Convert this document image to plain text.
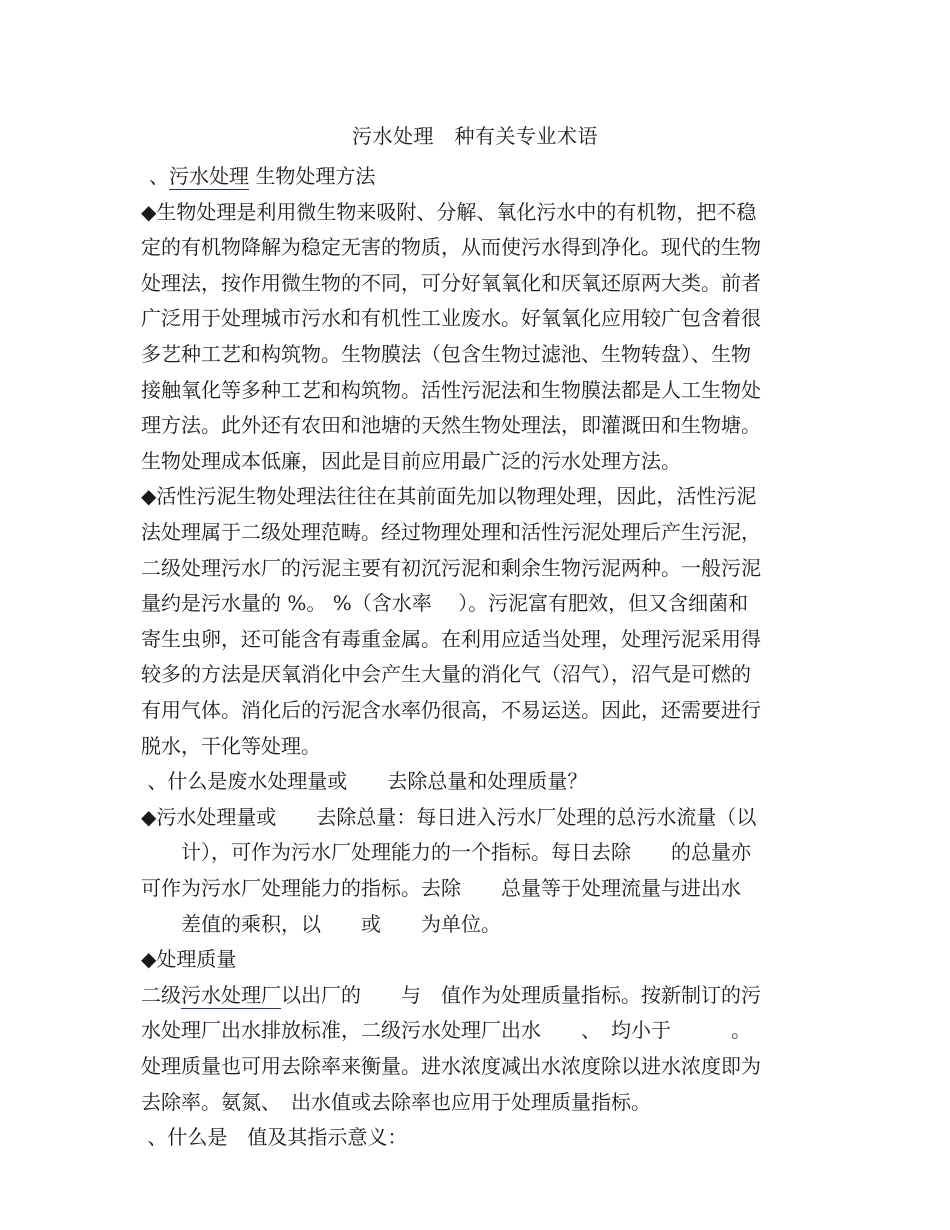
污水处理　种有关专业术语
、污水处理 生物处理方法
◆生物处理是利用微生物来吸附、分解、氧化污水中的有机物，把不稳
定的有机物降解为稳定无害的物质，从而使污水得到净化。现代的生物
处理法，按作用微生物的不同，可分好氧氧化和厌氧还原两大类。前者
广泛用于处理城市污水和有机性工业废水。好氧氧化应用较广包含着很
多艺种工艺和构筑物。生物膜法（包含生物过滤池、生物转盘）、生物
接触氧化等多种工艺和构筑物。活性污泥法和生物膜法都是人工生物处
理方法。此外还有农田和池塘的天然生物处理法，即灌溉田和生物塘。
生物处理成本低廉，因此是目前应用最广泛的污水处理方法。
◆活性污泥生物处理法往往在其前面先加以物理处理，因此，活性污泥
法处理属于二级处理范畴。经过物理处理和活性污泥处理后产生污泥，
二级处理污水厂的污泥主要有初沉污泥和剩余生物污泥两种。一般污泥
量约是污水量的 %。 %（含水率　 ）。污泥富有肥效，但又含细菌和
寄生虫卵，还可能含有毒重金属。在利用应适当处理，处理污泥采用得
较多的方法是厌氧消化中会产生大量的消化气（沼气），沼气是可燃的
有用气体。消化后的污泥含水率仍很高，不易运送。因此，还需要进行
脱水，干化等处理。
、什么是废水处理量或　　去除总量和处理质量？
◆污水处理量或　　去除总量：每日进入污水厂处理的总污水流量（以
　　计），可作为污水厂处理能力的一个指标。每日去除　　的总量亦
可作为污水厂处理能力的指标。去除　　总量等于处理流量与进出水
　　差值的乘积，以　　或　　为单位。
◆处理质量
二级污水处理厂以出厂的　　与　值作为处理质量指标。按新制订的污
水处理厂出水排放标准，二级污水处理厂出水　　、　均小于　　　。
处理质量也可用去除率来衡量。进水浓度减出水浓度除以进水浓度即为
去除率。氨氮、　出水值或去除率也应用于处理质量指标。
、什么是　值及其指示意义：
